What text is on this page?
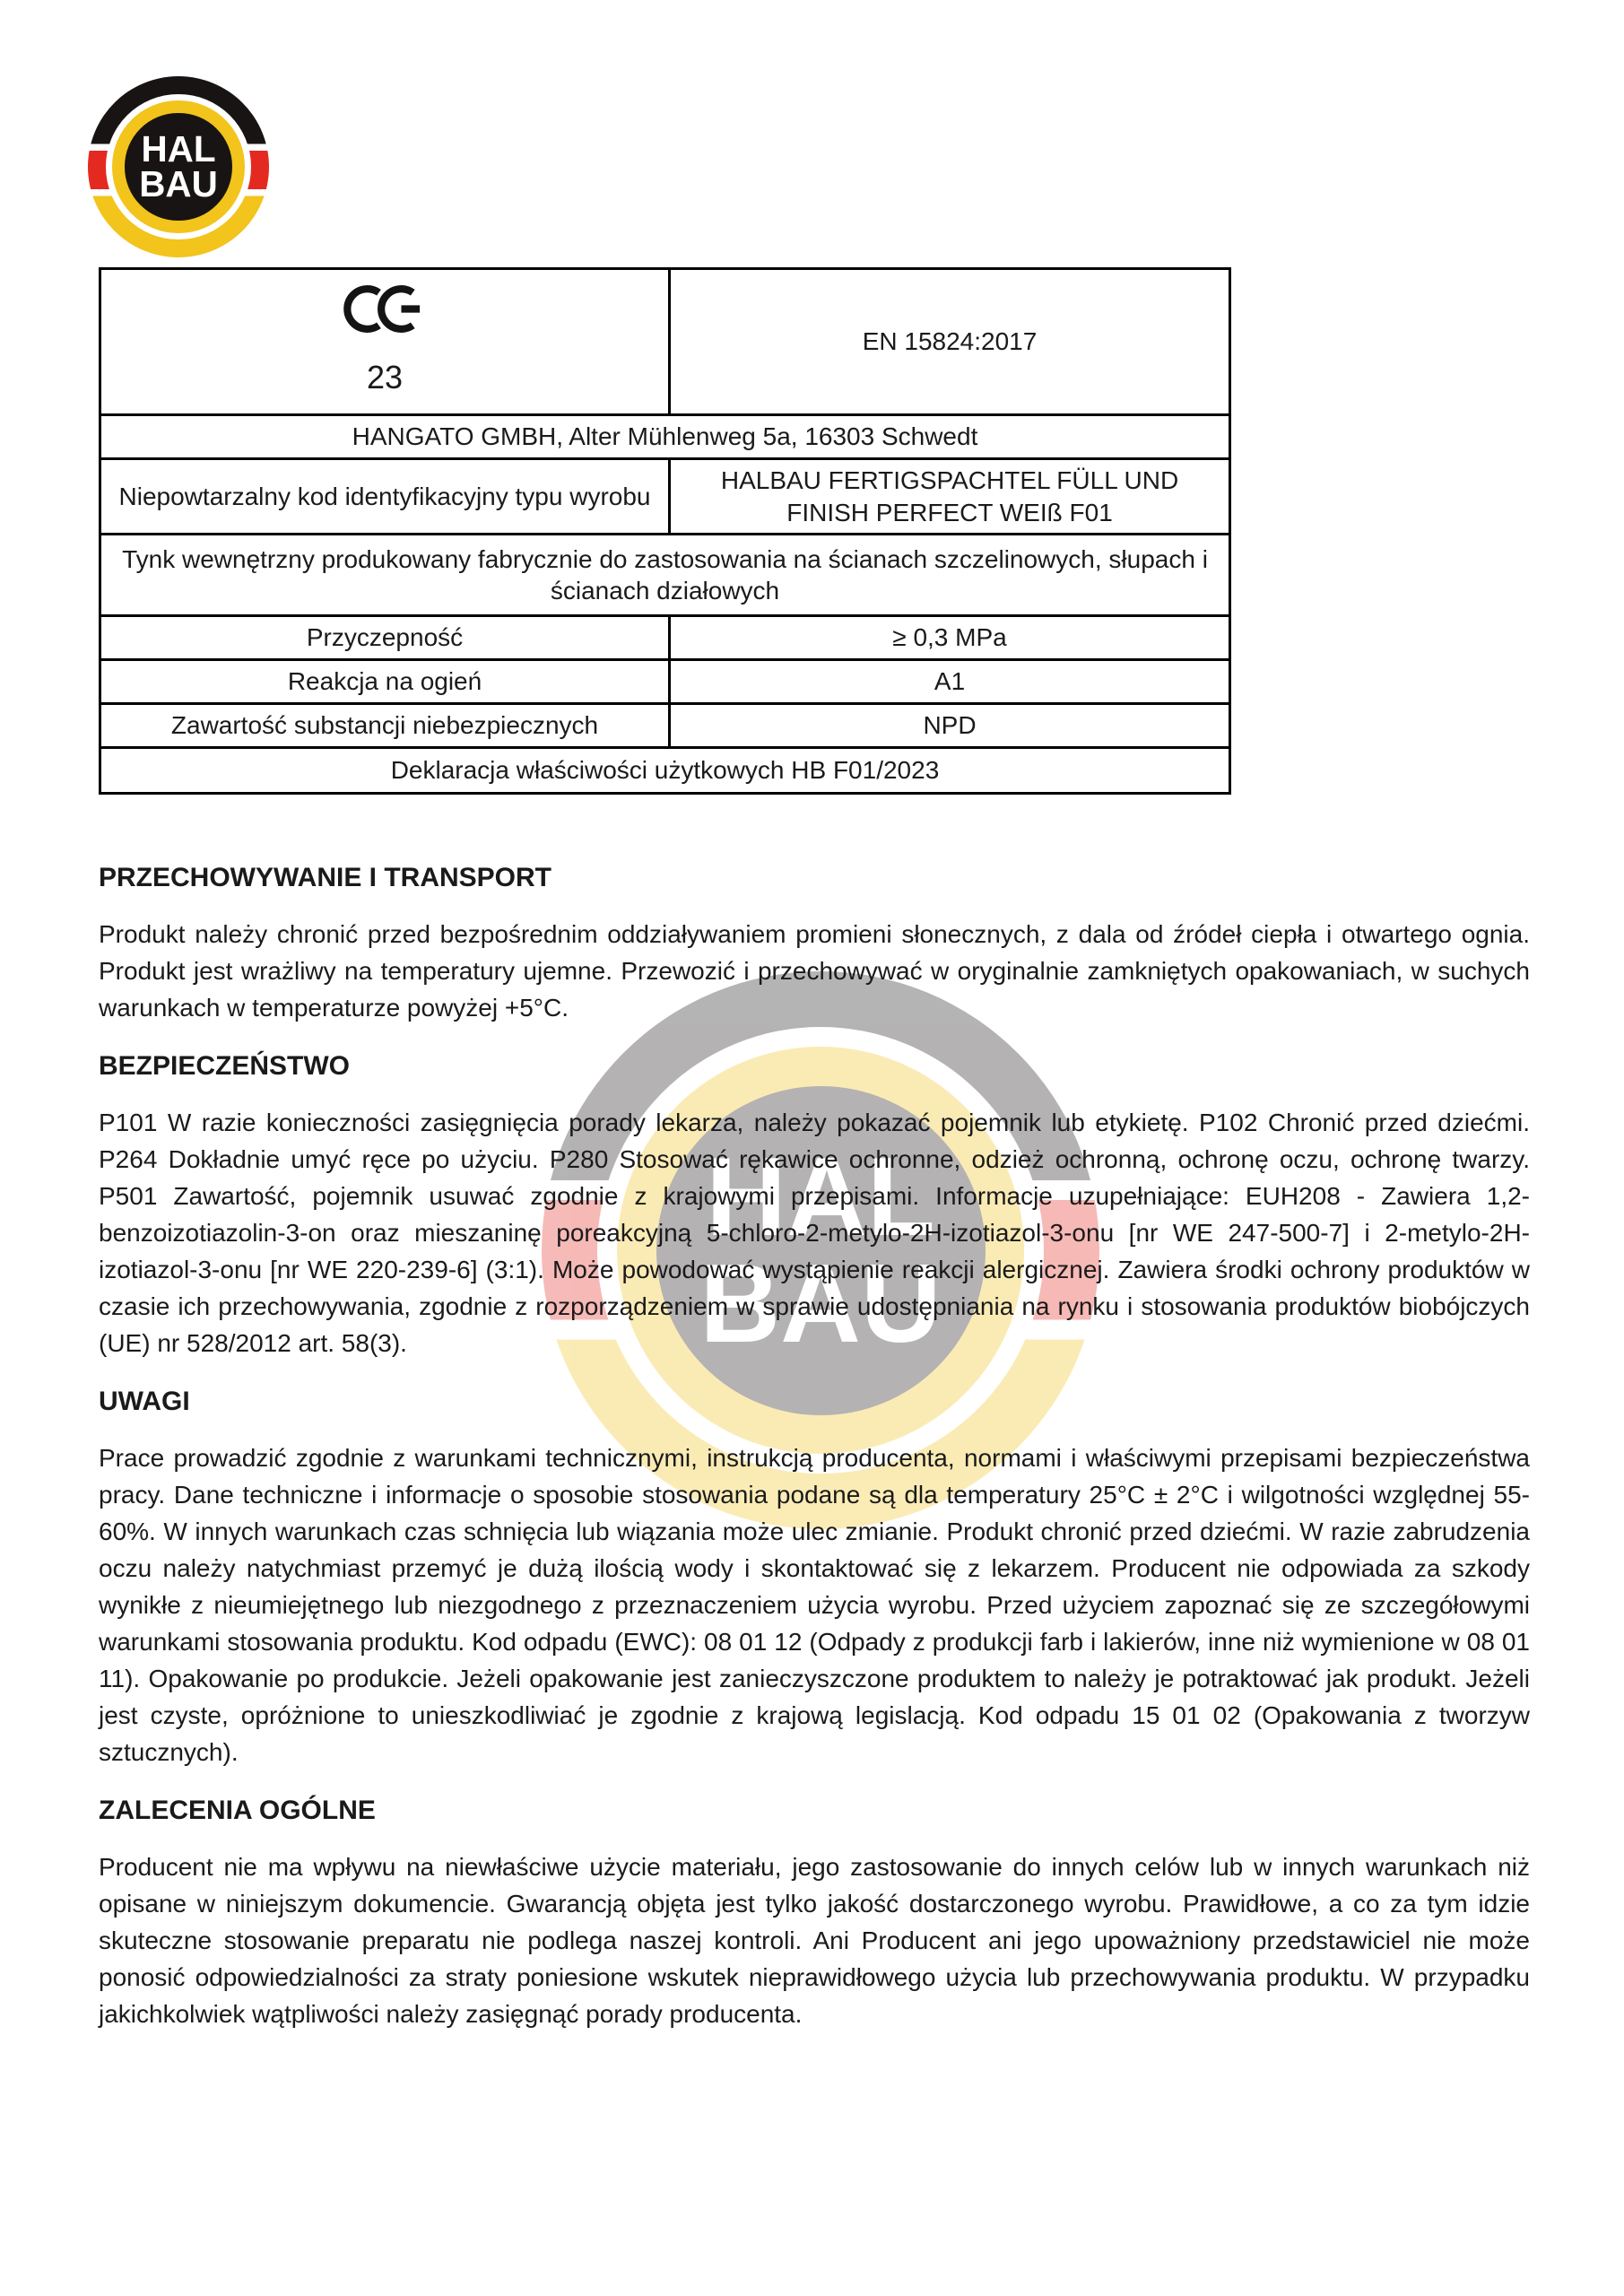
HAL
BAU
HAL
BAU
23	EN 15824:2017
HANGATO GMBH, Alter Mühlenweg 5a, 16303 Schwedt	
Niepowtarzalny kod identyfikacyjny typu wyrobu	HALBAU FERTIGSPACHTEL FÜLL UND FINISH PERFECT WEIß F01
Tynk wewnętrzny produkowany fabrycznie do zastosowania na ścianach szczelinowych, słupach i ścianach działowych	
Przyczepność	≥ 0,3 MPa
Reakcja na ogień	A1
Zawartość substancji niebezpiecznych	NPD
Deklaracja właściwości użytkowych HB F01/2023	
PRZECHOWYWANIE I TRANSPORT

Produkt należy chronić przed bezpośrednim oddziaływaniem promieni słonecznych, z dala od źródeł ciepła i otwartego ognia. Produkt jest wrażliwy na temperatury ujemne. Przewozić i przechowywać w oryginalnie zamkniętych opakowaniach, w suchych warunkach w temperaturze powyżej +5°C.

BEZPIECZEŃSTWO

P101 W razie konieczności zasięgnięcia porady lekarza, należy pokazać pojemnik lub etykietę. P102 Chronić przed dziećmi. P264 Dokładnie umyć ręce po użyciu. P280 Stosować rękawice ochronne, odzież ochronną, ochronę oczu, ochronę twarzy. P501 Zawartość, pojemnik usuwać zgodnie z krajowymi przepisami. Informacje uzupełniające: EUH208 - Zawiera 1,2- benzoizotiazolin-3-on oraz mieszaninę poreakcyjną 5-chloro-2-metylo-2H-izotiazol-3-onu [nr WE 247-500-7] i 2-metylo-2H-izotiazol-3-onu [nr WE 220-239-6] (3:1). Może powodować wystąpienie reakcji alergicznej. Zawiera środki ochrony produktów w czasie ich przechowywania, zgodnie z rozporządzeniem w sprawie udostępniania na rynku i stosowania produktów biobójczych (UE) nr 528/2012 art. 58(3).

UWAGI

Prace prowadzić zgodnie z warunkami technicznymi, instrukcją producenta, normami i właściwymi przepisami bezpieczeństwa pracy. Dane techniczne i informacje o sposobie stosowania podane są dla temperatury 25°C ± 2°C i wilgotności względnej 55-60%. W innych warunkach czas schnięcia lub wiązania może ulec zmianie. Produkt chronić przed dziećmi. W razie zabrudzenia oczu należy natychmiast przemyć je dużą ilością wody i skontaktować się z lekarzem. Producent nie odpowiada za szkody wynikłe z nieumiejętnego lub niezgodnego z przeznaczeniem użycia wyrobu. Przed użyciem zapoznać się ze szczegółowymi warunkami stosowania produktu. Kod odpadu (EWC): 08 01 12 (Odpady z produkcji farb i lakierów, inne niż wymienione w 08 01 11). Opakowanie po produkcie. Jeżeli opakowanie jest zanieczyszczone produktem to należy je potraktować jak produkt. Jeżeli jest czyste, opróżnione to unieszkodliwiać je zgodnie z krajową legislacją. Kod odpadu 15 01 02 (Opakowania z tworzyw sztucznych).

ZALECENIA OGÓLNE

Producent nie ma wpływu na niewłaściwe użycie materiału, jego zastosowanie do innych celów lub w innych warunkach niż opisane w niniejszym dokumencie. Gwarancją objęta jest tylko jakość dostarczonego wyrobu. Prawidłowe, a co za tym idzie skuteczne stosowanie preparatu nie podlega naszej kontroli. Ani Producent ani jego upoważniony przedstawiciel nie może ponosić odpowiedzialności za straty poniesione wskutek nieprawidłowego użycia lub przechowywania produktu. W przypadku jakichkolwiek wątpliwości należy zasięgnąć porady producenta.
